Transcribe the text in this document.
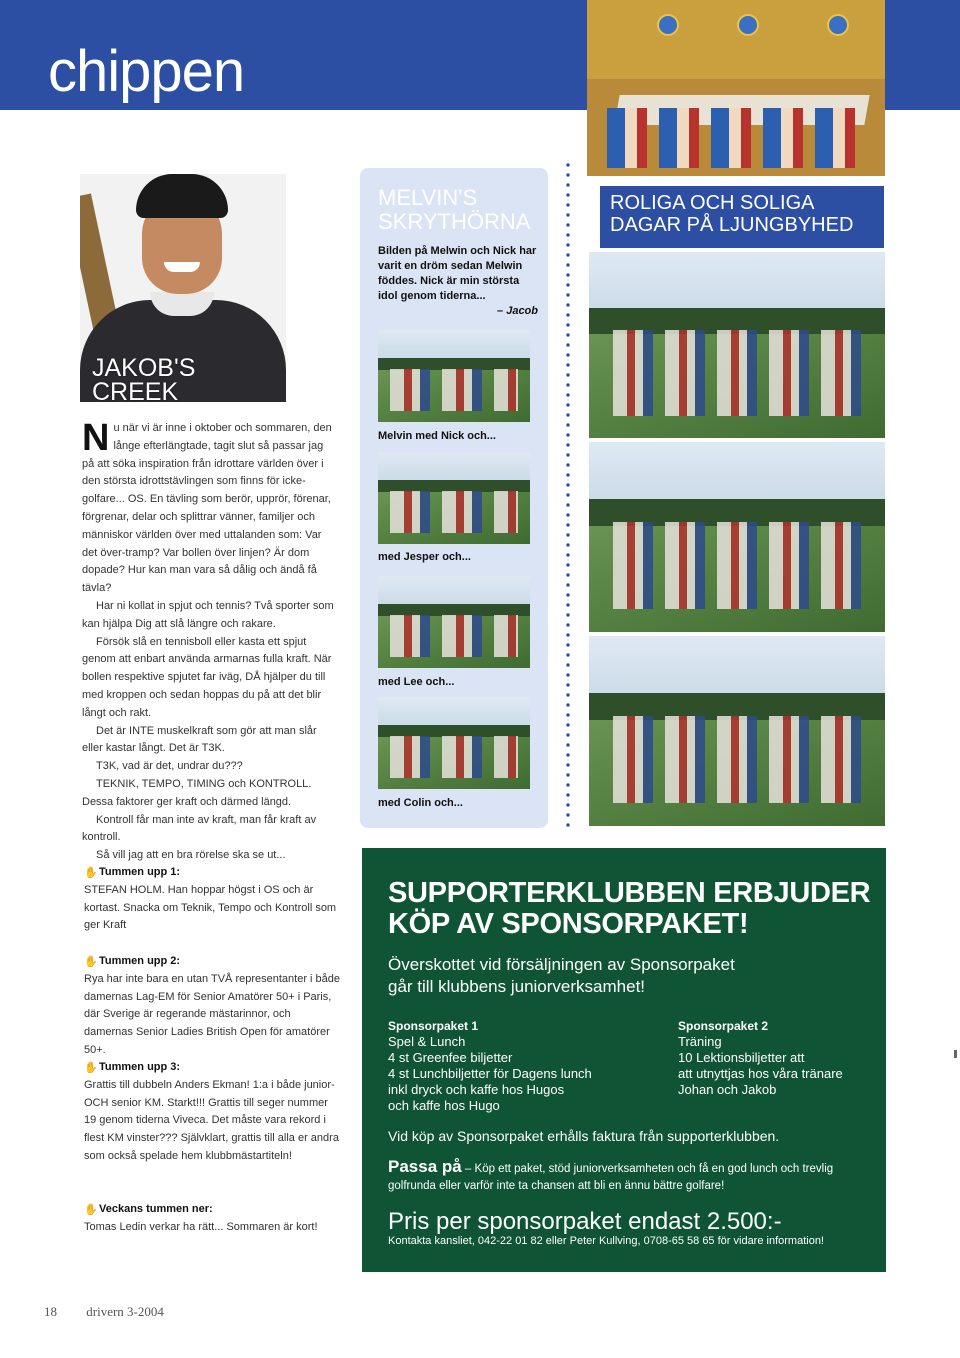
chippen
JAKOB'S
CREEK

Nu när vi är inne i oktober och sommaren, den långe efterlängtade, tagit slut så passar jag på att söka inspiration från idrottare världen över i den största idrottstävlingen som finns för icke-golfare... OS. En tävling som berör, upprör, förenar, förgrenar, delar och splittrar vänner, familjer och människor världen över med uttalanden som: Var det över-tramp? Var bollen över linjen? Är dom dopade? Hur kan man vara så dålig och ändå få tävla?

Har ni kollat in spjut och tennis? Två sporter som kan hjälpa Dig att slå längre och rakare.

Försök slå en tennisboll eller kasta ett spjut genom att enbart använda armarnas fulla kraft. När bollen respektive spjutet far iväg, DÅ hjälper du till med kroppen och sedan hoppas du på att det blir långt och rakt.

Det är INTE muskelkraft som gör att man slår eller kastar långt. Det är T3K.

T3K, vad är det, undrar du???

TEKNIK, TEMPO, TIMING och KONTROLL. Dessa faktorer ger kraft och därmed längd.

Kontroll får man inte av kraft, man får kraft av kontroll.

Så vill jag att en bra rörelse ska se ut...

✋ Tummen upp 1:

STEFAN HOLM. Han hoppar högst i OS och är kortast. Snacka om Teknik, Tempo och Kontroll som ger Kraft

✋ Tummen upp 2:

Rya har inte bara en utan TVÅ representanter i både damernas Lag-EM för Senior Amatörer 50+ i Paris, där Sverige är regerande mästarinnor, och damernas Senior Ladies British Open för amatörer 50+.

✋ Tummen upp 3:

Grattis till dubbeln Anders Ekman! 1:a i både junior- OCH senior KM. Starkt!!! Grattis till seger nummer 19 genom tiderna Viveca. Det måste vara rekord i flest KM vinster??? Självklart, grattis till alla er andra som också spelade hem klubbmästartiteln!

✋ Veckans tummen ner:

Tomas Ledin verkar ha rätt... Sommaren är kort!

MELVIN'S
SKRYTHÖRNA
Bilden på Melwin och Nick har varit en dröm sedan Melwin föddes. Nick är min största idol genom tiderna...
– Jacob
Melvin med Nick och...
med Jesper och...
med Lee och...
med Colin och...
ROLIGA OCH SOLIGA
DAGAR PÅ LJUNGBYHED
SUPPORTERKLUBBEN ERBJUDER
KÖP AV SPONSORPAKET!
Överskottet vid försäljningen av Sponsorpaket
går till klubbens juniorverksamhet!
Sponsorpaket 1
Spel & Lunch
4 st Greenfee biljetter
4 st Lunchbiljetter för Dagens lunch
inkl dryck och kaffe hos Hugos
och kaffe hos Hugo
Sponsorpaket 2
Träning
10 Lektionsbiljetter att
att utnyttjas hos våra tränare
Johan och Jakob
Vid köp av Sponsorpaket erhålls faktura från supporterklubben.
Passa på – Köp ett paket, stöd juniorverksamheten och få en god lunch och trevlig golfrunda eller varför inte ta chansen att bli en ännu bättre golfare!
Pris per sponsorpaket endast 2.500:-
Kontakta kansliet, 042-22 01 82 eller Peter Kullving, 0708-65 58 65 för vidare information!
18 drivern 3-2004
